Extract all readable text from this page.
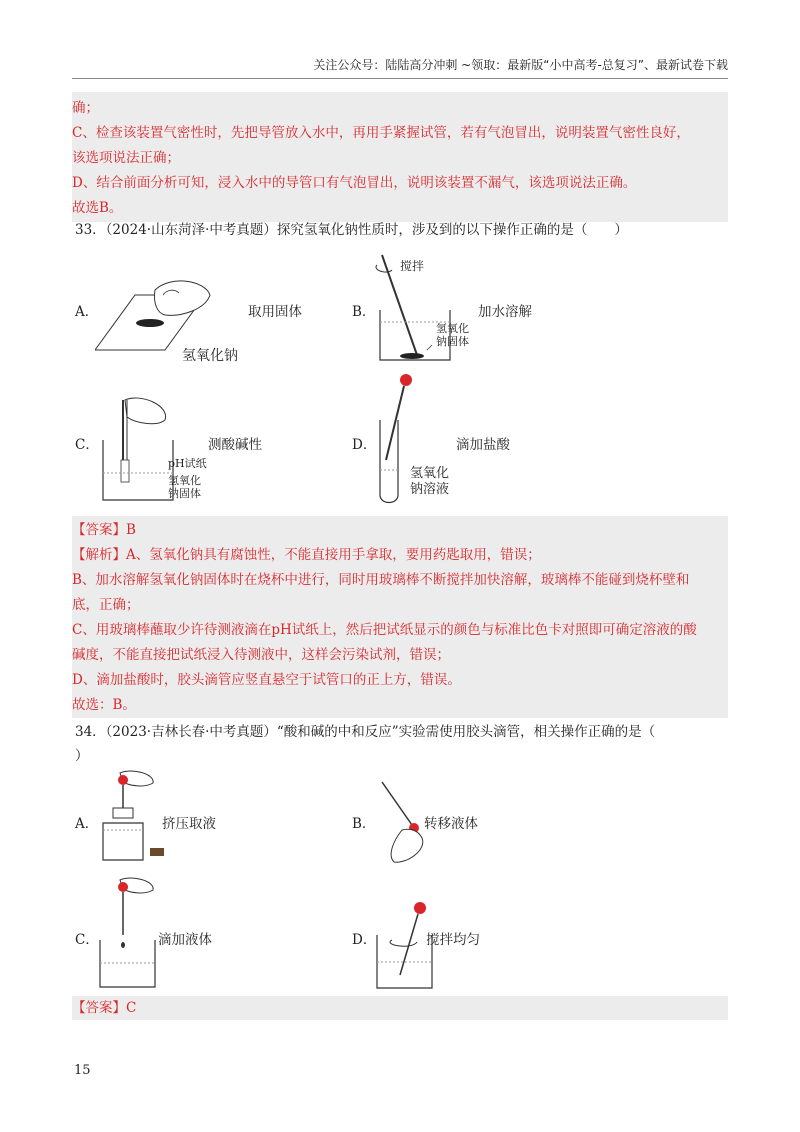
关注公众号：陆陆高分冲刺 ~领取：最新版“小中高考-总复习”、最新试卷下载
确；
C、检查该装置气密性时，先把导管放入水中，再用手紧握试管，若有气泡冒出，说明装置气密性良好，
该选项说法正确；
D、结合前面分析可知，浸入水中的导管口有气泡冒出，说明该装置不漏气，该选项说法正确。
故选B。
33．（2024·山东菏泽·中考真题）探究氢氧化钠性质时，涉及到的以下操作正确的是（　　）
A．
氢氧化钠
取用固体	B．
搅拌
氢氧化
钠固体
加水溶解
C．
pH试纸
氢氧化
钠固体
测酸碱性	D．
氢氧化
钠溶液
滴加盐酸
【答案】B
【解析】A、氢氧化钠具有腐蚀性，不能直接用手拿取，要用药匙取用，错误；
B、加水溶解氢氧化钠固体时在烧杯中进行，同时用玻璃棒不断搅拌加快溶解，玻璃棒不能碰到烧杯壁和
底，正确；
C、用玻璃棒蘸取少许待测液滴在pH试纸上，然后把试纸显示的颜色与标准比色卡对照即可确定溶液的酸
碱度，不能直接把试纸浸入待测液中，这样会污染试剂，错误；
D、滴加盐酸时，胶头滴管应竖直悬空于试管口的正上方，错误。
故选：B。
34．（2023·吉林长春·中考真题）“酸和碱的中和反应”实验需使用胶头滴管，相关操作正确的是（
）
A．	挤压取液	B．	转移液体
C．	滴加液体	D．	搅拌均匀
【答案】C
15
